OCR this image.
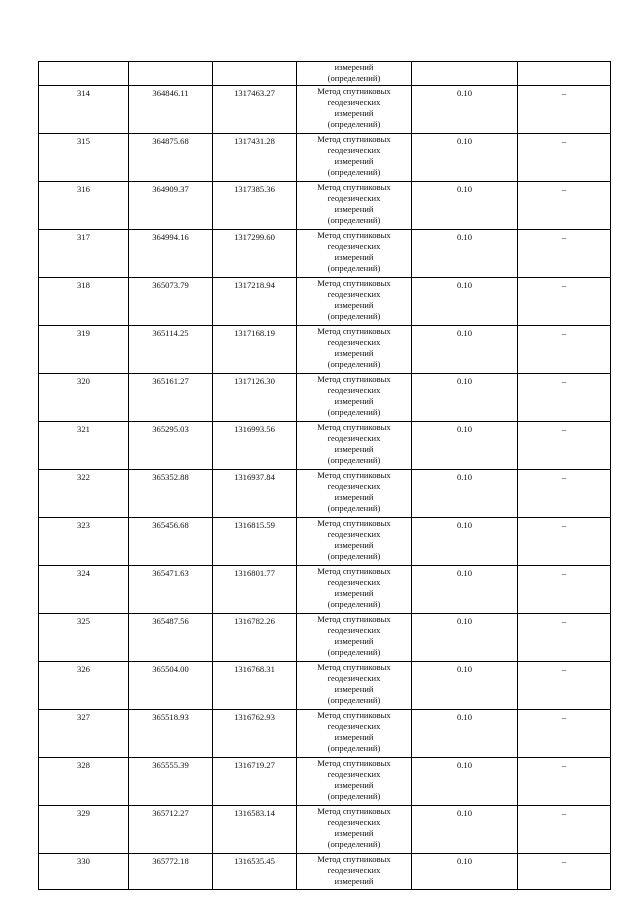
			измерений
(определений)		

314	364846.11	1317463.27	Метод спутниковых
геодезических
измерений
(определений)	0.10	–
315	364875.68	1317431.28	Метод спутниковых
геодезических
измерений
(определений)	0.10	–
316	364909.37	1317385.36	Метод спутниковых
геодезических
измерений
(определений)	0.10	–
317	364994.16	1317299.60	Метод спутниковых
геодезических
измерений
(определений)	0.10	–
318	365073.79	1317218.94	Метод спутниковых
геодезических
измерений
(определений)	0.10	–
319	365114.25	1317168.19	Метод спутниковых
геодезических
измерений
(определений)	0.10	–
320	365161.27	1317126.30	Метод спутниковых
геодезических
измерений
(определений)	0.10	–
321	365295.03	1316993.56	Метод спутниковых
геодезических
измерений
(определений)	0.10	–
322	365352.88	1316937.84	Метод спутниковых
геодезических
измерений
(определений)	0.10	–
323	365456.68	1316815.59	Метод спутниковых
геодезических
измерений
(определений)	0.10	–
324	365471.63	1316801.77	Метод спутниковых
геодезических
измерений
(определений)	0.10	–
325	365487.56	1316782.26	Метод спутниковых
геодезических
измерений
(определений)	0.10	–
326	365504.00	1316768.31	Метод спутниковых
геодезических
измерений
(определений)	0.10	–
327	365518.93	1316762.93	Метод спутниковых
геодезических
измерений
(определений)	0.10	–
328	365555.39	1316719.27	Метод спутниковых
геодезических
измерений
(определений)	0.10	–
329	365712.27	1316583.14	Метод спутниковых
геодезических
измерений
(определений)	0.10	–
330	365772.18	1316535.45	Метод спутниковых
геодезических
измерений	0.10	–
